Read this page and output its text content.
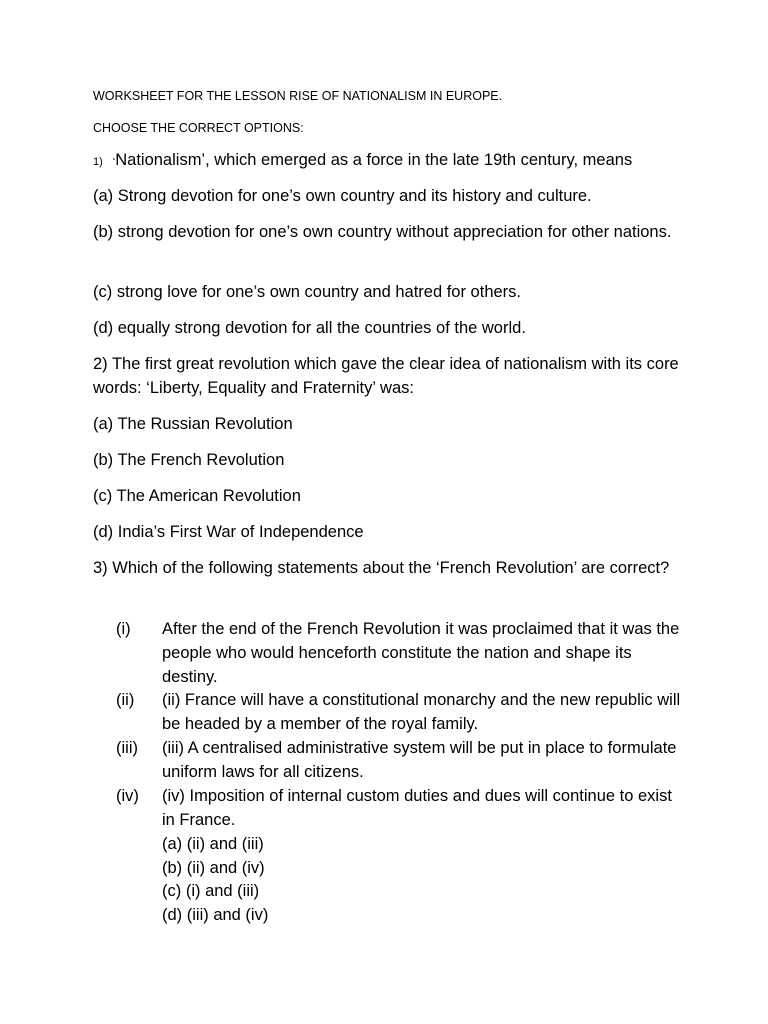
WORKSHEET FOR THE LESSON RISE OF NATIONALISM IN EUROPE.
CHOOSE THE CORRECT OPTIONS:
1) ‘Nationalism’, which emerged as a force in the late 19th century, means
(a) Strong devotion for one’s own country and its history and culture.
(b) strong devotion for one’s own country without appreciation for other nations.
(c) strong love for one’s own country and hatred for others.
(d) equally strong devotion for all the countries of the world.
2) The first great revolution which gave the clear idea of nationalism with its core words: ‘Liberty, Equality and Fraternity’ was:
(a) The Russian Revolution
(b) The French Revolution
(c) The American Revolution
(d) India’s First War of Independence
3) Which of the following statements about the ‘French Revolution’ are correct?
(i) After the end of the French Revolution it was proclaimed that it was the people who would henceforth constitute the nation and shape its destiny.
(ii) (ii) France will have a constitutional monarchy and the new republic will be headed by a member of the royal family.
(iii) (iii) A centralised administrative system will be put in place to formulate uniform laws for all citizens.
(iv) (iv) Imposition of internal custom duties and dues will continue to exist in France.
(a) (ii) and (iii)
(b) (ii) and (iv)
(c) (i) and (iii)
(d) (iii) and (iv)
